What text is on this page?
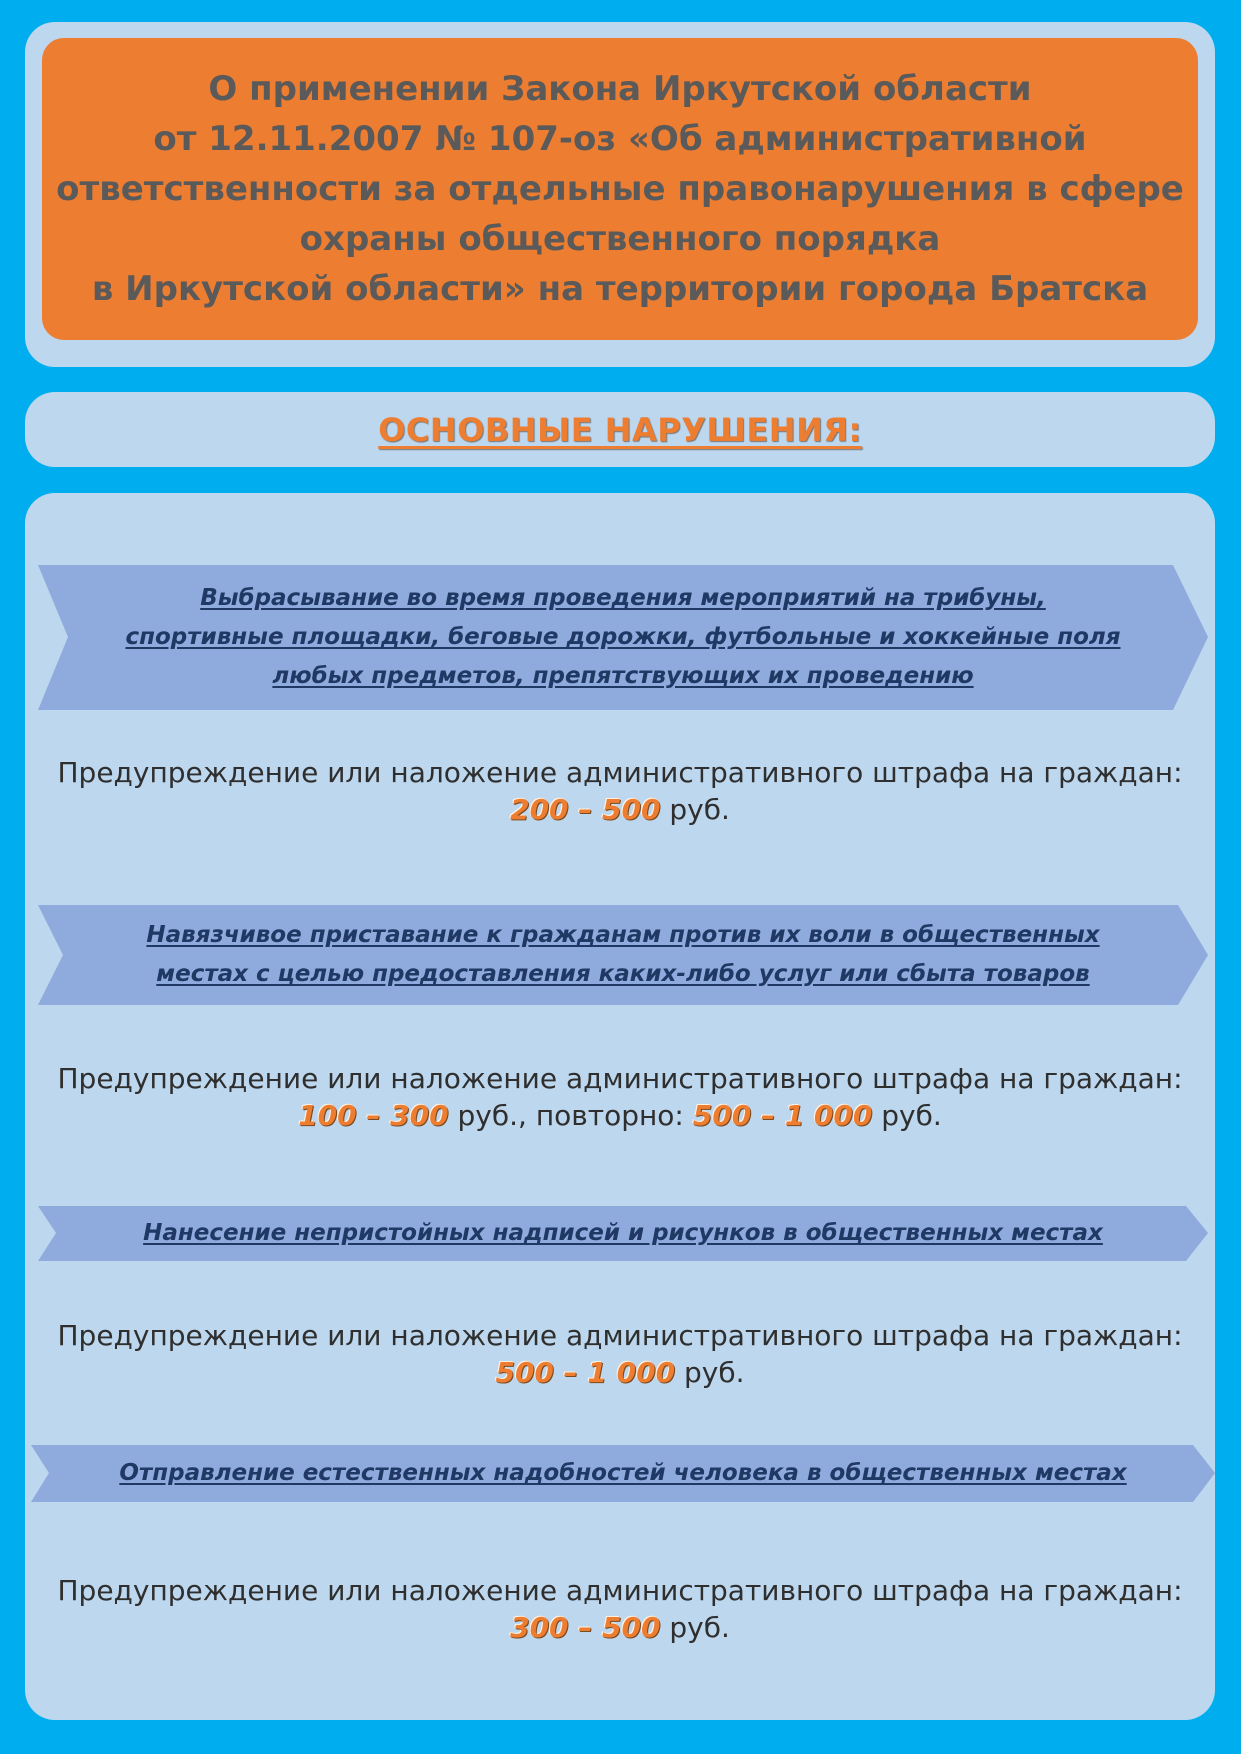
О применении Закона Иркутской области
от 12.11.2007 № 107-оз «Об административной
ответственности за отдельные правонарушения в сфере
охраны общественного порядка
в Иркутской области» на территории города Братска
ОСНОВНЫЕ НАРУШЕНИЯ:
Выбрасывание во время проведения мероприятий на трибуны,
спортивные площадки, беговые дорожки, футбольные и хоккейные поля
любых предметов, препятствующих их проведению

Предупреждение или наложение административного штрафа на граждан:
200 – 500 руб.

Навязчивое приставание к гражданам против их воли в общественных
местах с целью предоставления каких-либо услуг или сбыта товаров

Предупреждение или наложение административного штрафа на граждан:
100 – 300 руб., повторно: 500 – 1 000 руб.

Нанесение непристойных надписей и рисунков в общественных местах

Предупреждение или наложение административного штрафа на граждан:
500 – 1 000 руб.

Отправление естественных надобностей человека в общественных местах

Предупреждение или наложение административного штрафа на граждан:
300 – 500 руб.
